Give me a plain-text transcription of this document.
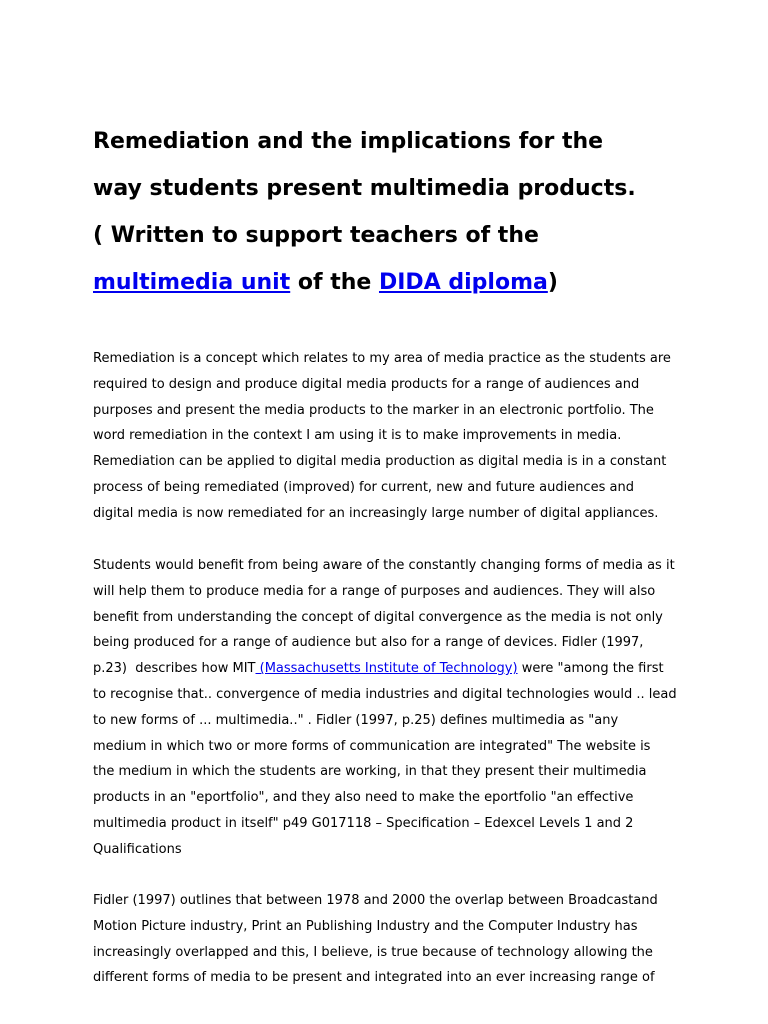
Remediation and the implications for the
way students present multimedia products.
( Written to support teachers of the
multimedia unit of the DIDA diploma)

Remediation is a concept which relates to my area of media practice as the students are
required to design and produce digital media products for a range of audiences and
purposes and present the media products to the marker in an electronic portfolio. The
word remediation in the context I am using it is to make improvements in media.
Remediation can be applied to digital media production as digital media is in a constant
process of being remediated (improved) for current, new and future audiences and
digital media is now remediated for an increasingly large number of digital appliances.

Students would benefit from being aware of the constantly changing forms of media as it
will help them to produce media for a range of purposes and audiences. They will also
benefit from understanding the concept of digital convergence as the media is not only
being produced for a range of audience but also for a range of devices. Fidler (1997,
p.23)  describes how MIT (Massachusetts Institute of Technology) were "among the first
to recognise that.. convergence of media industries and digital technologies would .. lead
to new forms of ... multimedia.." . Fidler (1997, p.25) defines multimedia as "any
medium in which two or more forms of communication are integrated" The website is
the medium in which the students are working, in that they present their multimedia
products in an "eportfolio", and they also need to make the eportfolio "an effective
multimedia product in itself" p49 G017118 – Specification – Edexcel Levels 1 and 2
Qualifications

Fidler (1997) outlines that between 1978 and 2000 the overlap between Broadcastand
Motion Picture industry, Print an Publishing Industry and the Computer Industry has
increasingly overlapped and this, I believe, is true because of technology allowing the
different forms of media to be present and integrated into an ever increasing range of
